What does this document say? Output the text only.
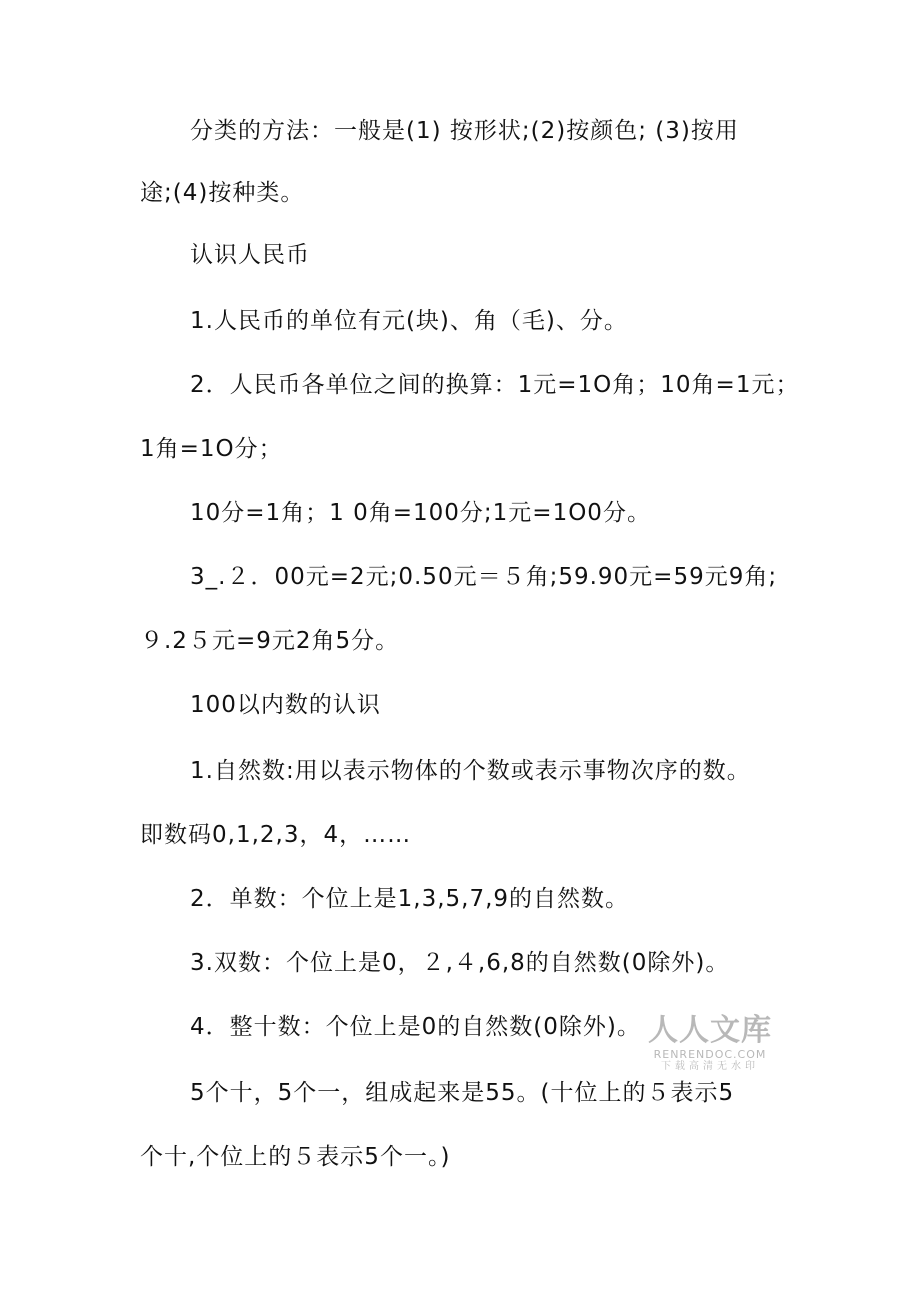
分类的方法：一般是(1) 按形状;(2)按颜色; (3)按用
途;(4)按种类。
认识人民币
1.人民币的单位有元(块)、角（毛)、分。
2．人民币各单位之间的换算：1元=1O角；10角=1元；
1角=1O分；
10分=1角；1 0角=100分;1元=1O0分。
3_.２．00元=2元;0.50元＝５角;59.90元=59元9角;
９.2５元=9元2角5分。
100以内数的认识
1.自然数:用以表示物体的个数或表示事物次序的数。
即数码0,1,2,3，4，……
2．单数：个位上是1,3,5,7,9的自然数。
3.双数：个位上是0，２,４,6,8的自然数(0除外)。
4．整十数：个位上是0的自然数(0除外)。
5个十，5个一，组成起来是55。(十位上的５表示5
个十,个位上的５表示5个一。)
人人文库
RENRENDOC.COM
下载高清无水印
